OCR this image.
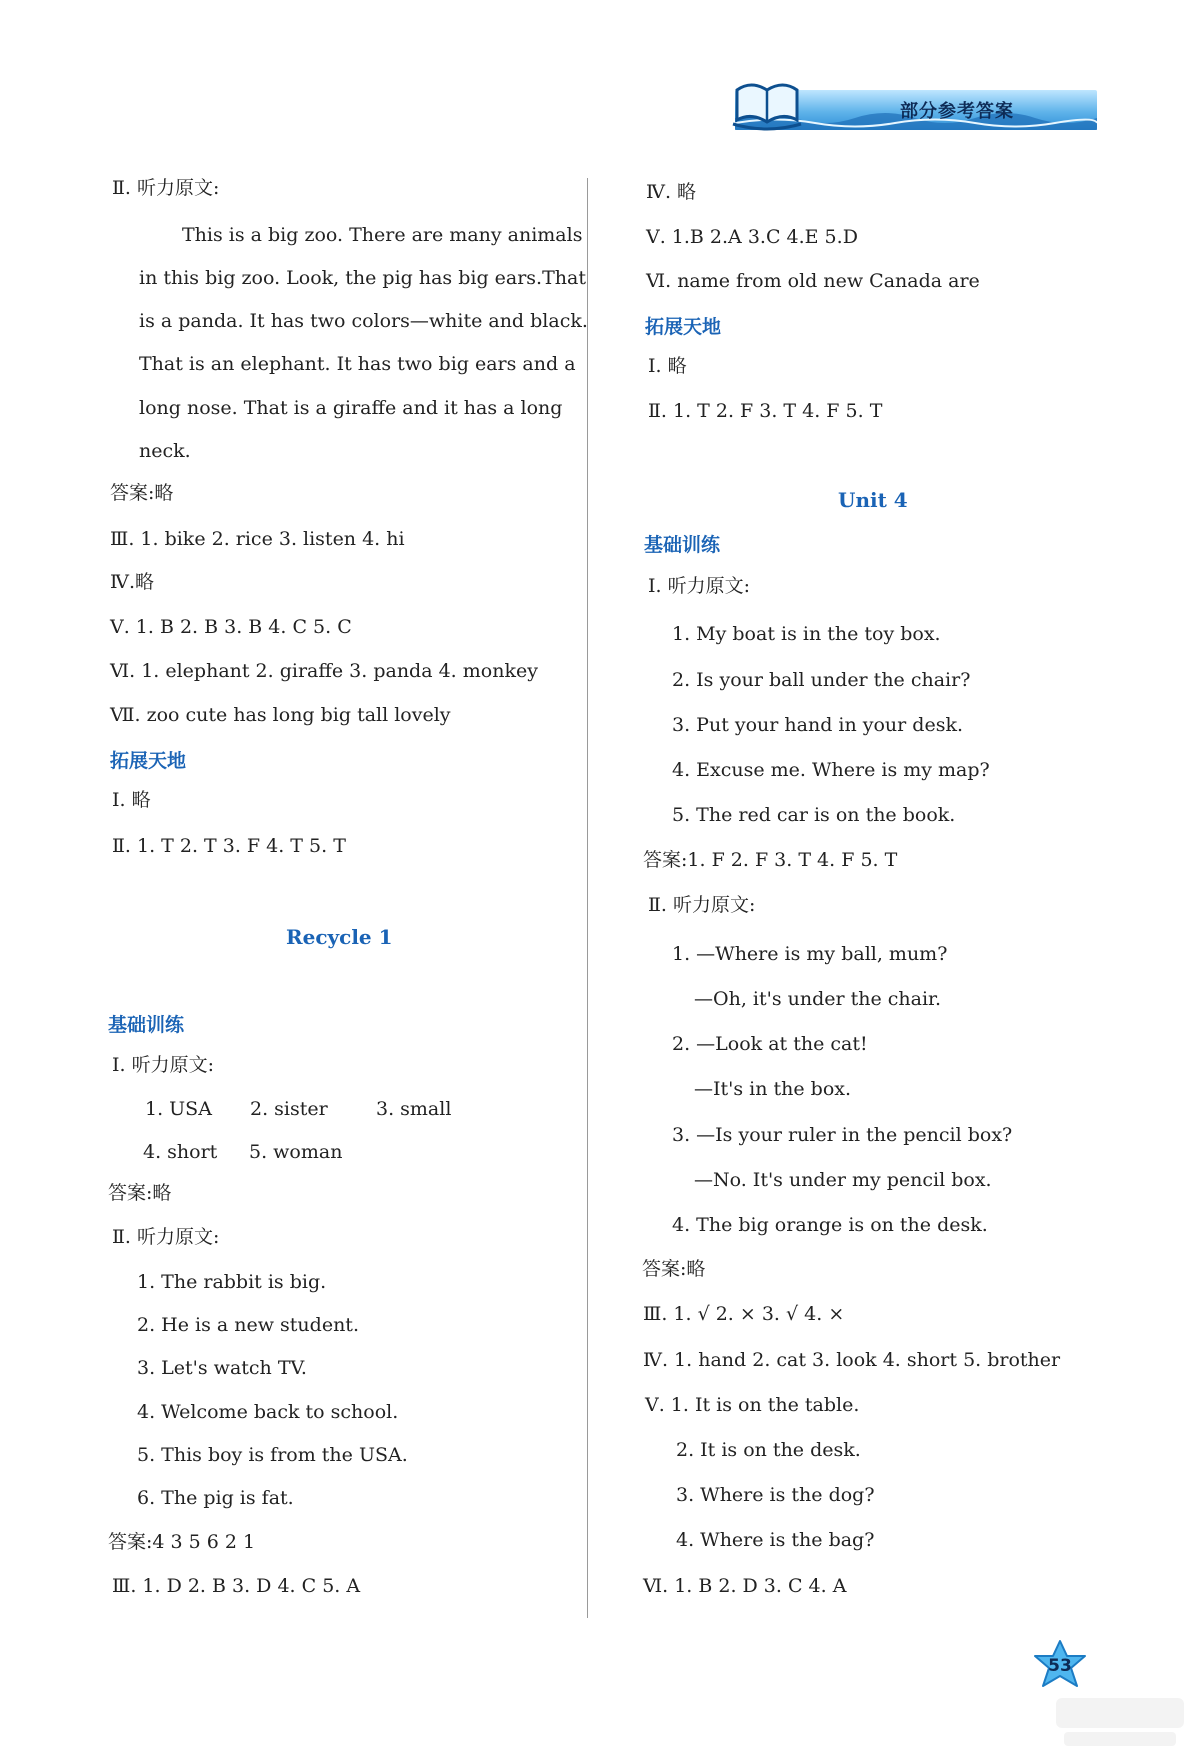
部分参考答案
Ⅱ. 听力原文:
This is a big zoo. There are many animals
in this big zoo. Look, the pig has big ears.That
is a panda. It has two colors—white and black.
That is an elephant. It has two big ears and a
long nose. That is a giraffe and it has a long
neck.
答案:略
Ⅲ. 1. bike 2. rice 3. listen 4. hi
Ⅳ.略
Ⅴ. 1. B 2. B 3. B 4. C 5. C
Ⅵ. 1. elephant 2. giraffe 3. panda 4. monkey
Ⅶ. zoo cute has long big tall lovely
拓展天地
Ⅰ. 略
Ⅱ. 1. T 2. T 3. F 4. T 5. T
Recycle 1
基础训练
Ⅰ. 听力原文:
1. USA 2. sister	3. small
4. short 5. woman
答案:略
Ⅱ. 听力原文:
1. The rabbit is big.
2. He is a new student.
3. Let's watch TV.
4. Welcome back to school.
5. This boy is from the USA.
6. The pig is fat.
答案:4 3 5 6 2 1
Ⅲ. 1. D 2. B 3. D 4. C 5. A
Ⅳ. 略
Ⅴ. 1.B 2.A 3.C 4.E 5.D
Ⅵ. name from old new Canada are
拓展天地
Ⅰ. 略
Ⅱ. 1. T 2. F 3. T 4. F 5. T
Unit 4
基础训练
Ⅰ. 听力原文:
1. My boat is in the toy box.
2. Is your ball under the chair?
3. Put your hand in your desk.
4. Excuse me. Where is my map?
5. The red car is on the book.
答案:1. F 2. F 3. T 4. F 5. T
Ⅱ. 听力原文:
1. —Where is my ball, mum?
—Oh, it's under the chair.
2. —Look at the cat!
—It's in the box.
3. —Is your ruler in the pencil box?
—No. It's under my pencil box.
4. The big orange is on the desk.
答案:略
Ⅲ. 1. √ 2. × 3. √ 4. ×
Ⅳ. 1. hand 2. cat 3. look 4. short 5. brother
Ⅴ. 1. It is on the table.
2. It is on the desk.
3. Where is the dog?
4. Where is the bag?
Ⅵ. 1. B 2. D 3. C 4. A
53
